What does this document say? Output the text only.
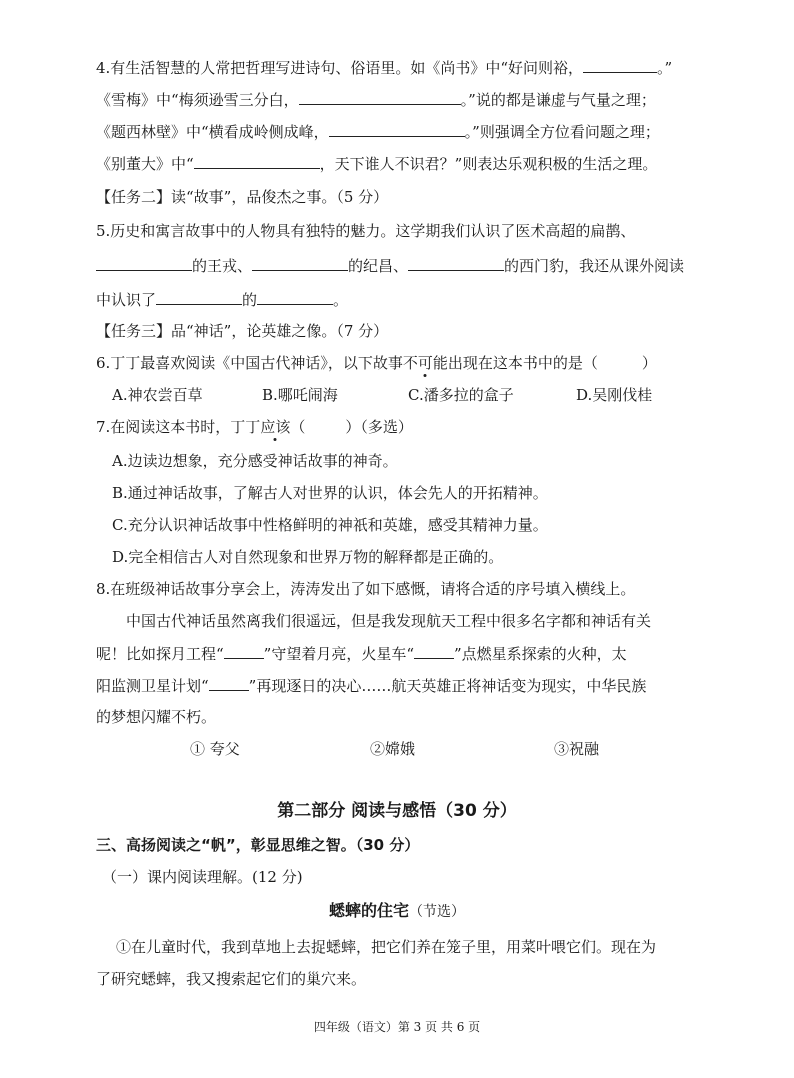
4.有生活智慧的人常把哲理写进诗句、俗语里。如《尚书》中“好问则裕，	。”
《雪梅》中“梅须逊雪三分白，	。”说的都是谦虚与气量之理；
《题西林壁》中“横看成岭侧成峰，	。”则强调全方位看问题之理；
《别董大》中“	，天下谁人不识君？”则表达乐观积极的生活之理。
【任务二】读“故事”，品俊杰之事。（5 分）
5.历史和寓言故事中的人物具有独特的魅力。这学期我们认识了医术高超的扁鹊、
的王戎、	的纪昌、	的西门豹，我还从课外阅读
中认识了	的	。
【任务三】品“神话”，论英雄之像。（7 分）
6.丁丁最喜欢阅读《中国古代神话》，以下故事不可能出现在这本书中的是（	）
A.神农尝百草	B.哪吒闹海	C.潘多拉的盒子	D.吴刚伐桂
7.在阅读这本书时，丁丁应该（	）（多选）
A.边读边想象，充分感受神话故事的神奇。
B.通过神话故事，了解古人对世界的认识，体会先人的开拓精神。
C.充分认识神话故事中性格鲜明的神祇和英雄，感受其精神力量。
D.完全相信古人对自然现象和世界万物的解释都是正确的。
8.在班级神话故事分享会上，涛涛发出了如下感慨，请将合适的序号填入横线上。
中国古代神话虽然离我们很遥远，但是我发现航天工程中很多名字都和神话有关
呢！比如探月工程“	”守望着月亮，火星车“	”点燃星系探索的火种，太
阳监测卫星计划“	”再现逐日的决心……航天英雄正将神话变为现实，中华民族
的梦想闪耀不朽。
① 夸父	②嫦娥	③祝融
第二部分 阅读与感悟（30 分）
三、高扬阅读之“帆”，彰显思维之智。（30 分）
（一）课内阅读理解。(12 分)
蟋蟀的住宅（节选）
①在儿童时代，我到草地上去捉蟋蟀，把它们养在笼子里，用菜叶喂它们。现在为
了研究蟋蟀，我又搜索起它们的巢穴来。
四年级（语文）第 3 页 共 6 页
